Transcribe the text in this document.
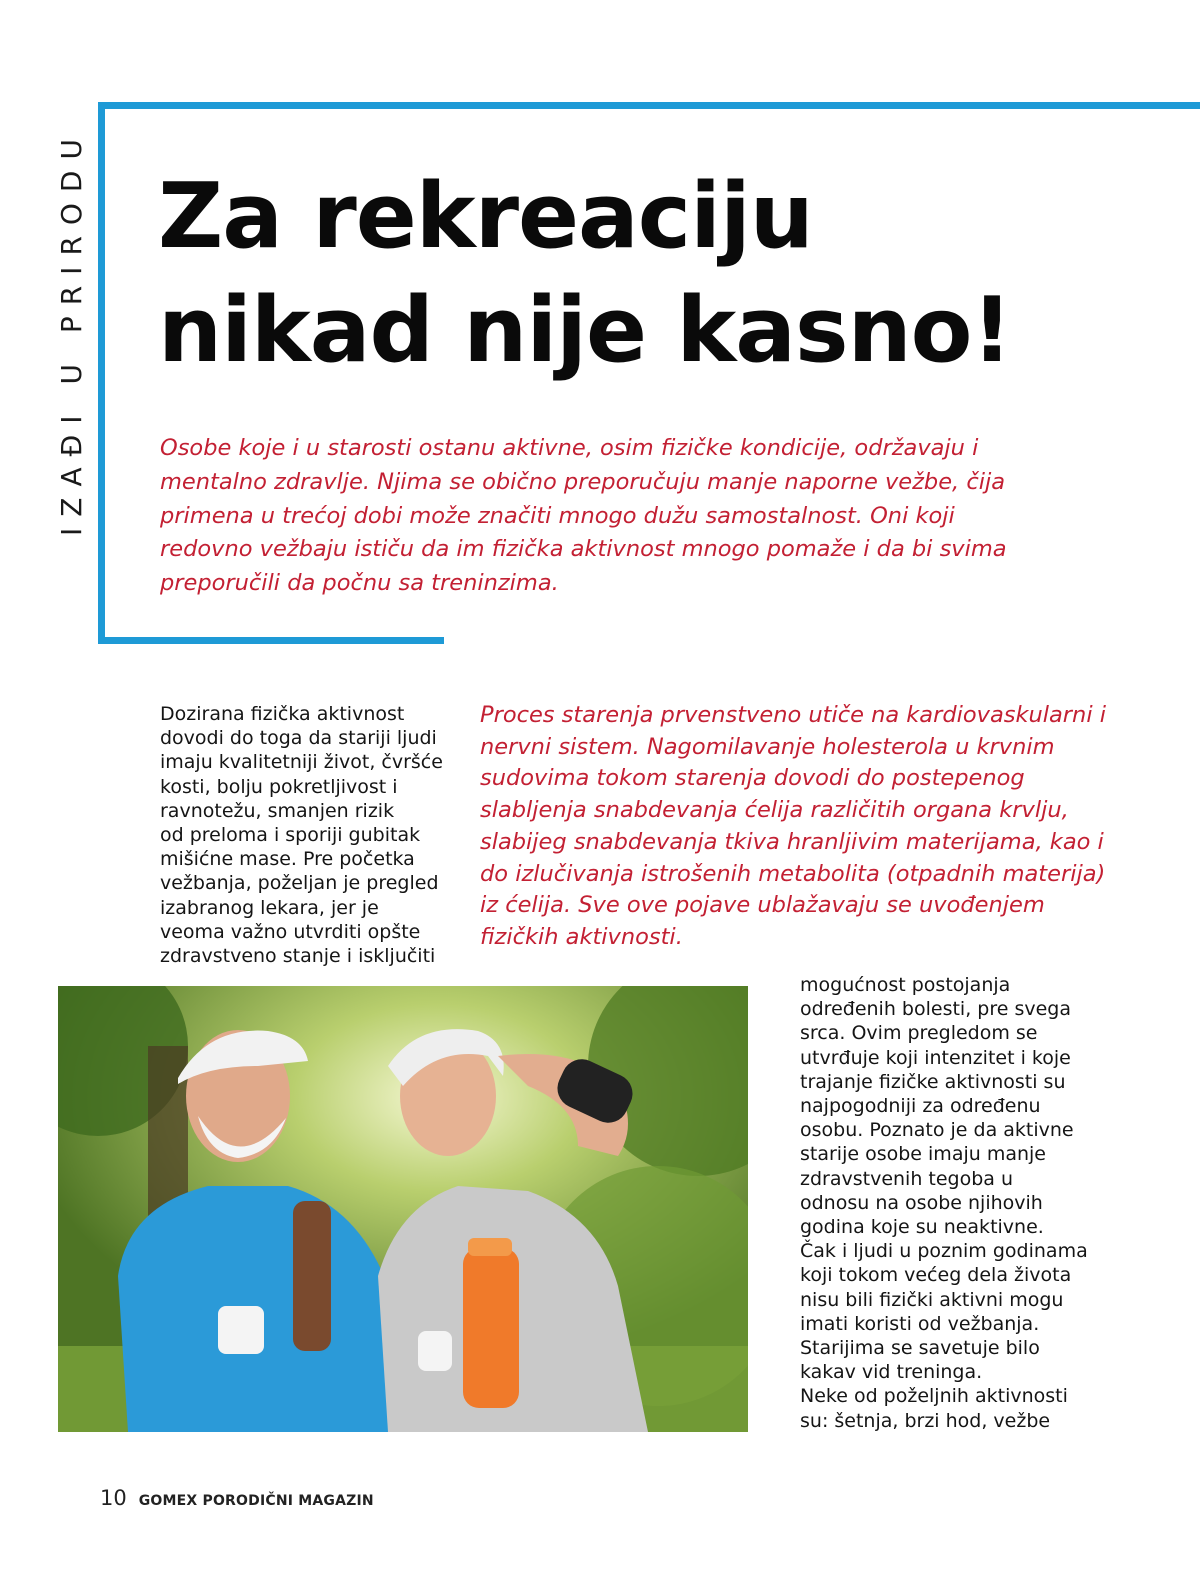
IZAĐI U PRIRODU Za rekreaciju
nikad nije kasno!

Osobe koje i u starosti ostanu aktivne, osim fizičke kondicije, održavaju i mentalno zdravlje. Njima se obično preporučuju manje naporne vežbe, čija primena u trećoj dobi može značiti mnogo dužu samostalnost. Oni koji redovno vežbaju ističu da im fizička aktivnost mnogo pomaže i da bi svima preporučili da počnu sa treninzima.

Dozirana fizička aktivnost
dovodi do toga da stariji ljudi
imaju kvalitetniji život, čvršće
kosti, bolju pokretljivost i
ravnotežu, smanjen rizik
od preloma i sporiji gubitak
mišićne mase. Pre početka
vežbanja, poželjan je pregled
izabranog lekara, jer je
veoma važno utvrditi opšte
zdravstveno stanje i isključiti

Proces starenja prvenstveno utiče na kardiovaskularni i nervni sistem. Nagomilavanje holesterola u krvnim sudovima tokom starenja dovodi do postepenog slabljenja snabdevanja ćelija različitih organa krvlju, slabijeg snabdevanja tkiva hranljivim materijama, kao i do izlučivanja istrošenih metabolita (otpadnih materija) iz ćelija. Sve ove pojave ublažavaju se uvođenjem fizičkih aktivnosti.

mogućnost postojanja
određenih bolesti, pre svega
srca. Ovim pregledom se
utvrđuje koji intenzitet i koje
trajanje fizičke aktivnosti su
najpogodniji za određenu
osobu. Poznato je da aktivne
starije osobe imaju manje
zdravstvenih tegoba u
odnosu na osobe njihovih
godina koje su neaktivne.
Čak i ljudi u poznim godinama
koji tokom većeg dela života
nisu bili fizički aktivni mogu
imati koristi od vežbanja.
Starijima se savetuje bilo
kakav vid treninga.
Neke od poželjnih aktivnosti
su: šetnja, brzi hod, vežbe

10 GOMEX PORODIČNI MAGAZIN
